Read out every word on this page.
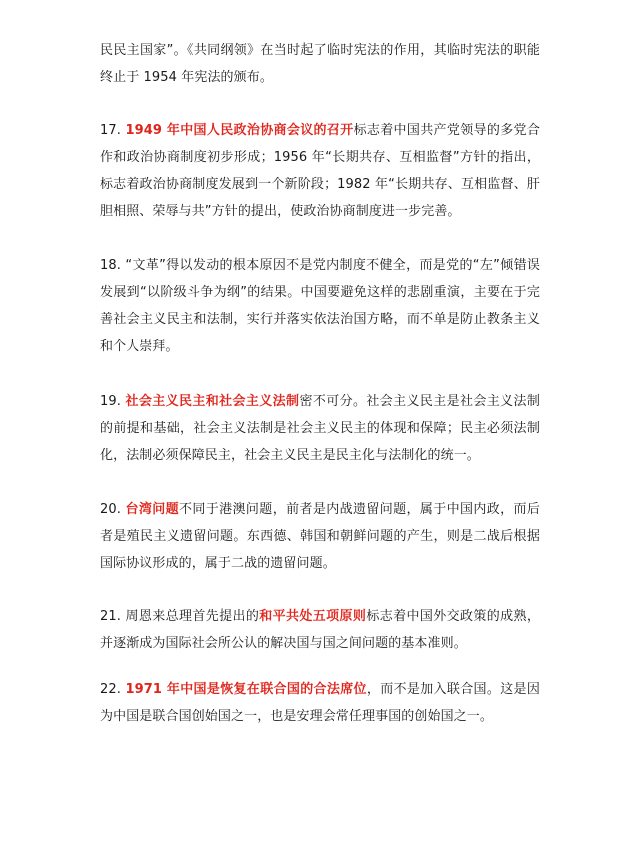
民民主国家”。《共同纲领》在当时起了临时宪法的作用，其临时宪法的职能终止于 1954 年宪法的颁布。

17. 1949 年中国人民政治协商会议的召开标志着中国共产党领导的多党合作和政治协商制度初步形成；1956 年“长期共存、互相监督”方针的指出，标志着政治协商制度发展到一个新阶段；1982 年“长期共存、互相监督、肝胆相照、荣辱与共”方针的提出，使政治协商制度进一步完善。

18. “文革”得以发动的根本原因不是党内制度不健全，而是党的“左”倾错误发展到“以阶级斗争为纲”的结果。中国要避免这样的悲剧重演，主要在于完善社会主义民主和法制，实行并落实依法治国方略，而不单是防止教条主义和个人崇拜。

19. 社会主义民主和社会主义法制密不可分。社会主义民主是社会主义法制的前提和基础，社会主义法制是社会主义民主的体现和保障；民主必须法制化，法制必须保障民主，社会主义民主是民主化与法制化的统一。

20. 台湾问题不同于港澳问题，前者是内战遗留问题，属于中国内政，而后者是殖民主义遗留问题。东西德、韩国和朝鲜问题的产生，则是二战后根据国际协议形成的，属于二战的遗留问题。

21. 周恩来总理首先提出的和平共处五项原则标志着中国外交政策的成熟，并逐渐成为国际社会所公认的解决国与国之间问题的基本准则。

22. 1971 年中国是恢复在联合国的合法席位，而不是加入联合国。这是因为中国是联合国创始国之一，也是安理会常任理事国的创始国之一。
